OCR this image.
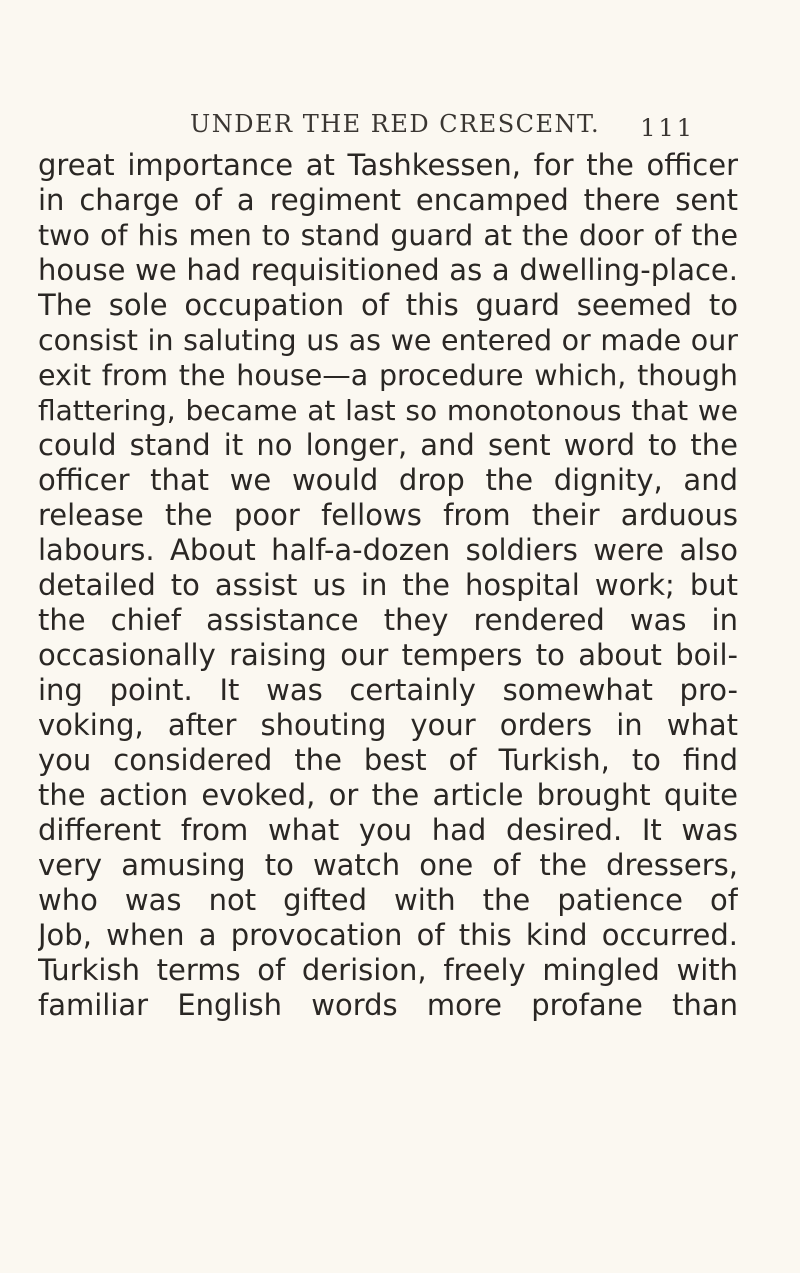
UNDER THE RED CRESCENT. 111
great importance at Tashkessen, for the officer
in charge of a regiment encamped there sent
two of his men to stand guard at the door of the
house we had requisitioned as a dwelling-place.
The sole occupation of this guard seemed to
consist in saluting us as we entered or made our
exit from the house—a procedure which, though
flattering, became at last so monotonous that we
could stand it no longer, and sent word to the
officer that we would drop the dignity, and
release the poor fellows from their arduous
labours. About half-a-dozen soldiers were also
detailed to assist us in the hospital work; but
the chief assistance they rendered was in
occasionally raising our tempers to about boil-
ing point. It was certainly somewhat pro-
voking, after shouting your orders in what
you considered the best of Turkish, to find
the action evoked, or the article brought quite
different from what you had desired. It was
very amusing to watch one of the dressers,
who was not gifted with the patience of
Job, when a provocation of this kind occurred.
Turkish terms of derision, freely mingled with
familiar English words more profane than
